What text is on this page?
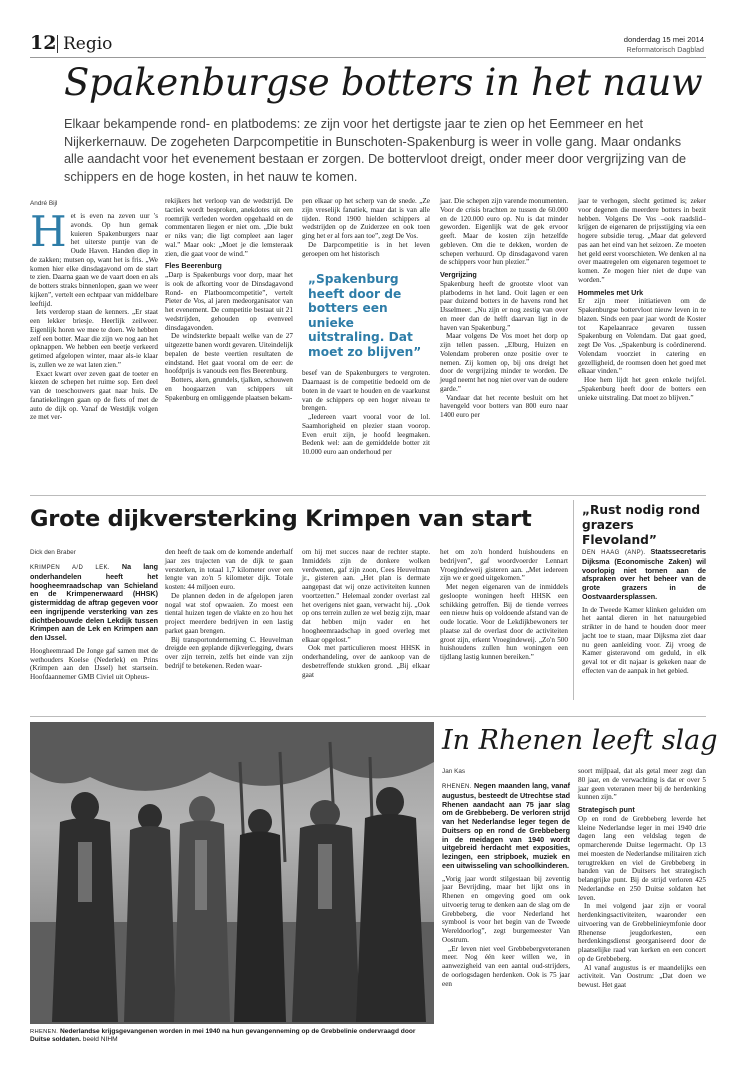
12 Regio	donderdag 15 mei 2014
Reformatorisch Dagblad
Spakenburgse botters in het nauw
Elkaar bekampende rond- en platbodems: ze zijn voor het dertigste jaar te zien op het Eemmeer en het Nijkerkernauw. De zogeheten Darpcompetitie in Bunschoten-Spakenburg is weer in volle gang. Maar ondanks alle aandacht voor het evenement bestaan er zorgen. De bottervloot dreigt, onder meer door vergrijzing van de schippers en de hoge kosten, in het nauw te komen.
André Bijl
H et is even na zeven uur 's avonds. Op hun gemak kuieren Spakenburgers naar het uiterste puntje van de Oude Haven. Handen diep in de zakken; mutsen op, want het is fris. „We komen hier elke dinsdagavond om de start te zien. Daarna gaan we de vaart doen en als de botters straks binnenlopen, gaan we weer kijken”, vertelt een echtpaar van middelbare leeftijd.

Iets verderop staan de kenners. „Er staat een lekker briesje. Heerlijk zeilweer. Eigenlijk horen we mee te doen. We hebben zelf een botter. Maar die zijn we nog aan het opknappen. We hebben een beetje verkeerd getimed afgelopen winter, maar als-ie klaar is, zullen we ze wat laten zien.”

Exact kwart over zeven gaat de toeter en kiezen de schepen het ruime sop. Een deel van de toeschouwers gaat naar huis. De fanatiekelingen gaan op de fiets of met de auto de dijk op. Vanaf de Westdijk volgen ze met ver-

rekijkers het verloop van de wedstrijd. De tactiek wordt besproken, anekdotes uit een roemrijk verleden worden opgehaald en de commentaren liegen er niet om. „Die bukt er niks van; die ligt compleet aan lager wal.” Maar ook: „Moet je die lemsteraak zien, die gaat voor de wind.”

Fles Beerenburg

„Darp is Spakenburgs voor dorp, maar het is ook de afkorting voor de Dinsdagavond Rond- en Platboomcompetitie”, vertelt Pieter de Vos, al jaren medeorganisator van het evenement. De competitie bestaat uit 21 wedstrijden, gehouden op evenveel dinsdagavonden.

De windsterkte bepaalt welke van de 27 uitgezette banen wordt gevaren. Uiteindelijk bepalen de beste veertien resultaten de eindstand. Het gaat vooral om de eer: de hoofdprijs is vanouds een fles Beerenburg.

Botters, aken, grundels, tjalken, schouwen en hoogaarzen van schippers uit Spakenburg en omliggende plaatsen bekam-

pen elkaar op het scherp van de snede. „Ze zijn vreselijk fanatiek, maar dat is van alle tijden. Rond 1900 hielden schippers al wedstrijden op de Zuiderzee en ook toen ging het er al fors aan toe”, zegt De Vos.

De Darpcompetitie is in het leven geroepen om het historisch

„Spakenburg heeft door de botters een unieke uitstraling. Dat moet zo blijven”

besef van de Spakenburgers te vergroten. Daarnaast is de competitie bedoeld om de boten in de vaart te houden en de vaarkunst van de schippers op een hoger niveau te brengen.

„Iedereen vaart vooral voor de lol. Saamhorigheid en plezier staan voorop. Even eruit zijn, je hoofd leegmaken. Bedenk wel: aan de gemiddelde botter zit 10.000 euro aan onderhoud per

jaar. Die schepen zijn varende monumenten. Voor de crisis brachten ze tussen de 60.000 en de 120.000 euro op. Nu is dat minder geworden. Eigenlijk wat de gek ervoor geeft. Maar de kosten zijn hetzelfde gebleven. Om die te dekken, worden de schepen verhuurd. Op dinsdagavond varen de schippers voor hun plezier.”

Vergrijzing

Spakenburg heeft de grootste vloot van platbodems in het land. Ooit lagen er een paar duizend botters in de havens rond het IJsselmeer. „Nu zijn er nog zestig van over en meer dan de helft daarvan ligt in de haven van Spakenburg.”

Maar volgens De Vos moet het dorp op zijn tellen passen. „Elburg, Huizen en Volendam proberen onze positie over te nemen. Zij komen op, bij ons dreigt het door de vergrijzing minder te worden. De jeugd neemt het nog niet over van de oudere garde.”

Vandaar dat het recente besluit om het havengeld voor botters van 800 euro naar 1400 euro per

jaar te verhogen, slecht getimed is; zeker voor degenen die meerdere botters in bezit hebben. Volgens De Vos –ook raadslid– krijgen de eigenaren de prijsstijging via een hogere subsidie terug. „Maar dat geleverd pas aan het eind van het seizoen. Ze moeten het geld eerst voorschieten. We denken al na over maatregelen om eigenaren tegemoet te komen. Ze mogen hier niet de dupe van worden.”

Hommeles met Urk

Er zijn meer initiatieven om de Spakenburgse bottervloot nieuw leven in te blazen. Sinds een paar jaar wordt de Koster tot Kapelaanrace gevaren tussen Spakenburg en Volendam. Dat gaat goed, zegt De Vos. „Spakenburg is coördinerend. Volendam voorziet in catering en gezelligheid, de roomsen doen het goed met elkaar vinden.”

Hoe hem lijdt het geen enkele twijfel. „Spakenburg heeft door de botters een unieke uitstraling. Dat moet zo blijven.”

Grote dijkversterking Krimpen van start
Dick den Braber

KRIMPEN A/D LEK. Na lang onderhandelen heeft het hoogheemraadschap van Schieland en de Krimpenerwaard (HHSK) gistermiddag de aftrap gegeven voor een ingrijpende versterking van zes dichtbebouwde delen Lekdijk tussen Krimpen aan de Lek en Krimpen aan den IJssel.

Hoogheemraad De Jonge gaf samen met de wethouders Koelse (Nederlek) en Prins (Krimpen aan den IJssel) het startsein. Hoofdaannemer GMB Civiel uit Opheus-

den heeft de taak om de komende anderhalf jaar zes trajecten van de dijk te gaan versterken, in totaal 1,7 kilometer over een lengte van zo'n 5 kilometer dijk. Totale kosten: 44 miljoen euro.

De plannen deden in de afgelopen jaren nogal wat stof opwaaien. Zo moest een tiental huizen tegen de vlakte en zo hou het project meerdere bedrijven in een lastig parket gaan brengen.

Bij transportonderneming C. Heuvelman dreigde een geplande dijkverlegging, dwars over zijn terrein, zelfs het einde van zijn bedrijf te betekenen. Reden waar-

om hij met succes naar de rechter stapte. Inmiddels zijn de donkere wolken verdwenen, gaf zijn zoon, Cees Heuvelman jr., gisteren aan. „Het plan is dermate aangepast dat wij onze activiteiten kunnen voortzetten.” Helemaal zonder overlast zal het overigens niet gaan, verwacht hij. „Ook op ons terrein zullen ze wel bezig zijn, maar dat hebben mijn vader en het hoogheemraadschap in goed overleg met elkaar opgelost.”

Ook met particulieren moest HHSK in onderhandeling, over de aankoop van de desbetreffende stukken grond. „Bij elkaar gaat

het om zo'n honderd huishoudens en bedrijven”, gaf woordvoerder Lennart Vroegindeweij gisteren aan. „Met iedereen zijn we er goed uitgekomen.”

Met negen eigenaren van de inmiddels gesloopte woningen heeft HHSK een schikking getroffen. Bij de tiende verrees een nieuw huis op voldoende afstand van de oude locatie. Voor de Lekdijkbewoners ter plaatse zal de overlast door de activiteiten groot zijn, erkent Vroegindeweij. „Zo'n 500 huishoudens zullen hun woningen een tijdlang lastig kunnen bereiken.”

„Rust nodig rond grazers Flevoland”

DEN HAAG (ANP). Staatssecretaris Dijksma (Economische Zaken) wil voorlopig niet tornen aan de afspraken over het beheer van de grote grazers in de Oostvaardersplassen.

In de Tweede Kamer klinken geluiden om het aantal dieren in het natuurgebied strikter in de hand te houden door meer jacht toe te staan, maar Dijksma ziet daar nu geen aanleiding voor. Zij vroeg de Kamer gisteravond om geduld, in elk geval tot er dit najaar is gekeken naar de effecten van de aanpak in het gebied.

RHENEN. Nederlandse krijgsgevangenen worden in mei 1940 na hun gevangenneming op de Grebbelinie ondervraagd door Duitse soldaten. beeld NIHM
In Rhenen leeft slag
Jan Kas

RHENEN. Negen maanden lang, vanaf augustus, besteedt de Utrechtse stad Rhenen aandacht aan 75 jaar slag om de Grebbeberg. De verloren strijd van het Nederlandse leger tegen de Duitsers op en rond de Grebbeberg in de meidagen van 1940 wordt uitgebreid herdacht met exposities, lezingen, een stripboek, muziek en een uitwisseling van schoolkinderen.

„Vorig jaar wordt stilgestaan bij zeventig jaar Bevrijding, maar het lijkt ons in Rhenen en omgeving goed om ook uitvoerig terug te denken aan de slag om de Grebbeberg, die voor Nederland het symbool is voor het begin van de Tweede Wereldoorlog”, zegt burgemeester Van Oostrum.

„Er leven niet veel Grebbebergveteranen meer. Nog één keer willen we, in aanwezigheid van een aantal oud-strijders, de oorlogsdagen herdenken. Ook is 75 jaar een

soort mijlpaal, dat als getal meer zegt dan 80 jaar, en de verwachting is dat er over 5 jaar geen veteranen meer bij de herdenking kunnen zijn.”

Strategisch punt

Op en rond de Grebbeberg leverde het kleine Nederlandse leger in mei 1940 drie dagen lang een veldslag tegen de opmarcherende Duitse legermacht. Op 13 mei moesten de Nederlandse militairen zich terugtrekken en viel de Grebbeberg in handen van de Duitsers het strategisch belangrijke punt. Bij de strijd verloren 425 Nederlandse en 250 Duitse soldaten het leven.

In mei volgend jaar zijn er vooral herdenkingsactiviteiten, waaronder een uitvoering van de Grebbelinieymfonie door Rhenense jeugdorkesten, een herdenkingsdienst georganiseerd door de plaatselijke raad van kerken en een concert op de Grebbeberg.

Al vanaf augustus is er maandelijks een activiteit. Van Oostrum: „Dat doen we bewust. Het gaat
